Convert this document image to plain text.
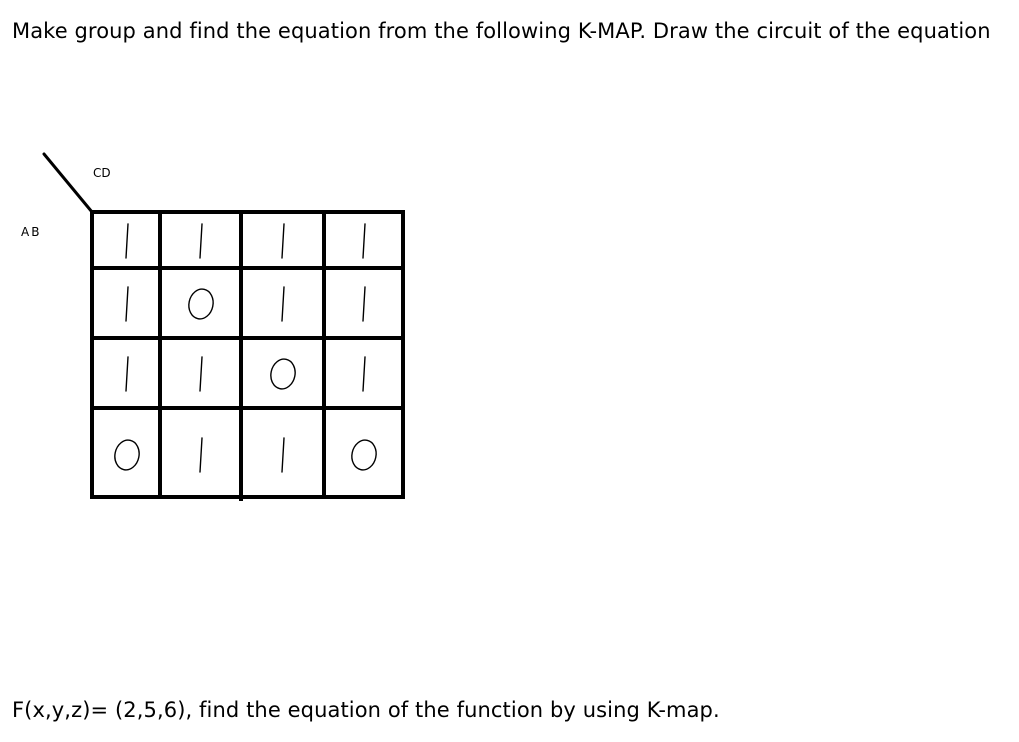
Make group and find the equation from the following K-MAP. Draw the circuit of the equation
CD
AB
F(x,y,z)= (2,5,6), find the equation of the function by using K-map.
